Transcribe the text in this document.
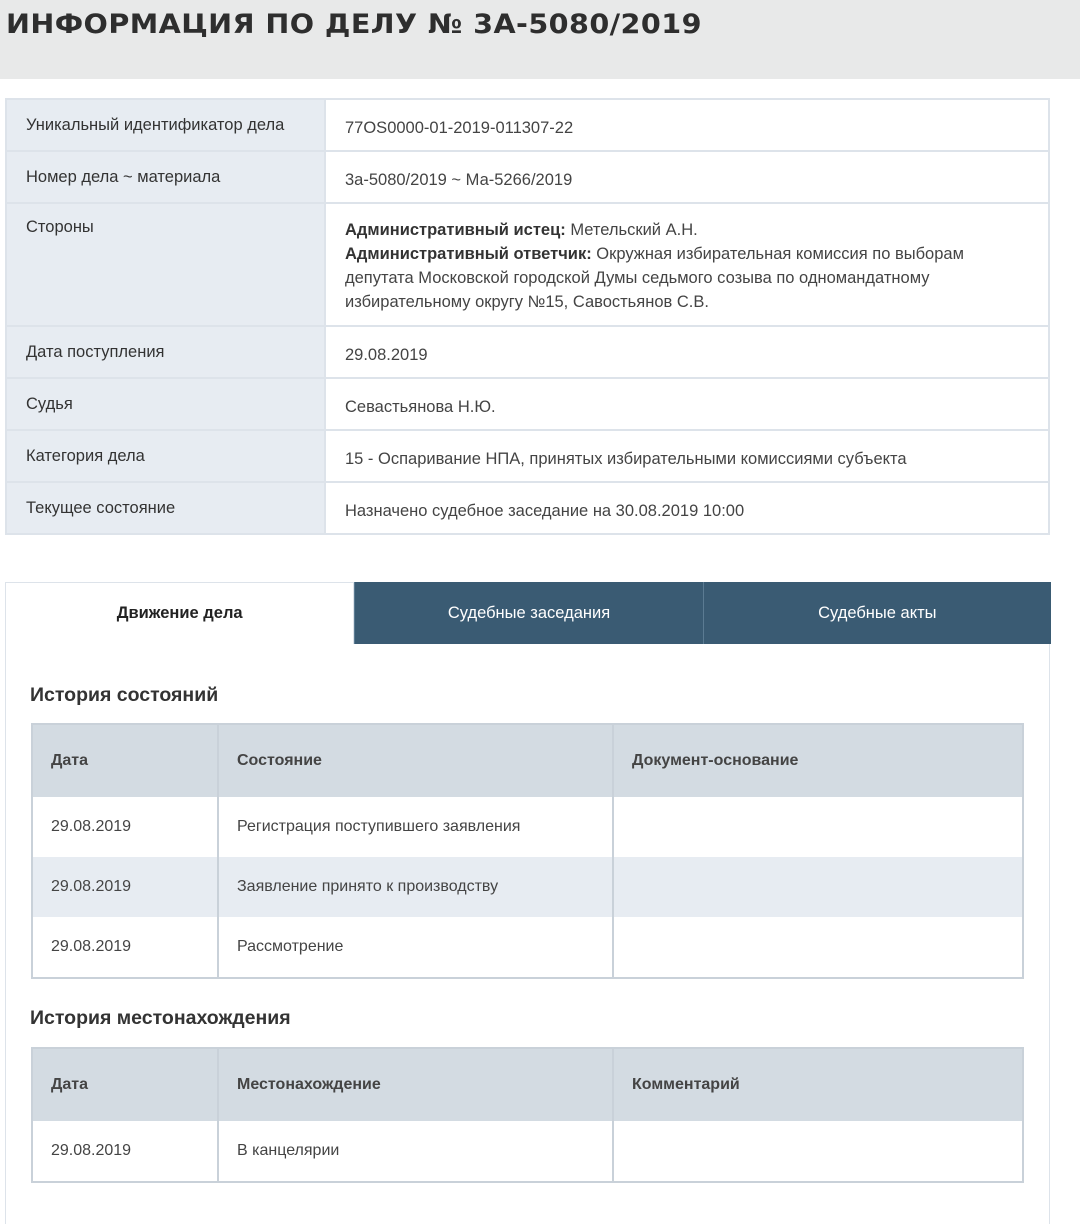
ИНФОРМАЦИЯ ПО ДЕЛУ № 3А-5080/2019
Уникальный идентификатор дела	77OS0000-01-2019-011307-22
Номер дела ~ материала	3а-5080/2019 ~ Ма-5266/2019
Стороны	Административный истец: Метельский А.Н.
Административный ответчик: Окружная избирательная комиссия по выборам депутата Московской городской Думы седьмого созыва по одномандатному избирательному округу №15, Савостьянов С.В.
Дата поступления	29.08.2019
Судья	Севастьянова Н.Ю.
Категория дела	15 - Оспаривание НПА, принятых избирательными комиссиями субъекта
Текущее состояние	Назначено судебное заседание на 30.08.2019 10:00
Движение дела	Судебные заседания	Судебные акты
История состояний
Дата	Состояние	Документ-основание
29.08.2019	Регистрация поступившего заявления	
29.08.2019	Заявление принято к производству	
29.08.2019	Рассмотрение	
История местонахождения
Дата	Местонахождение	Комментарий
29.08.2019	В канцелярии	
